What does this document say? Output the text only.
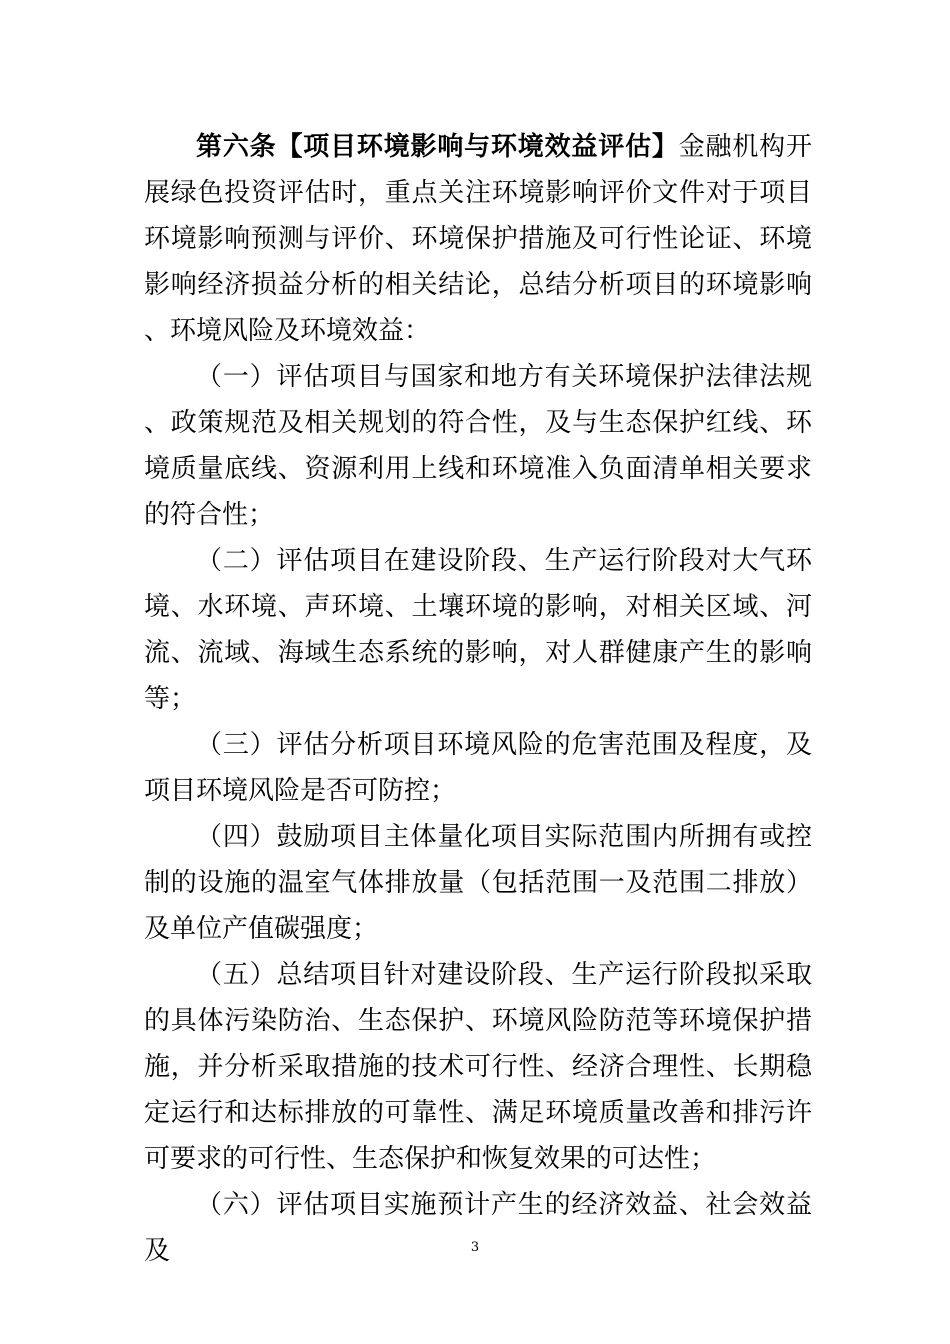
第六条【项目环境影响与环境效益评估】金融机构开展绿色投资评估时，重点关注环境影响评价文件对于项目环境影响预测与评价、环境保护措施及可行性论证、环境影响经济损益分析的相关结论，总结分析项目的环境影响、环境风险及环境效益：

（一）评估项目与国家和地方有关环境保护法律法规、政策规范及相关规划的符合性，及与生态保护红线、环境质量底线、资源利用上线和环境准入负面清单相关要求的符合性；

（二）评估项目在建设阶段、生产运行阶段对大气环境、水环境、声环境、土壤环境的影响，对相关区域、河流、流域、海域生态系统的影响，对人群健康产生的影响等；

（三）评估分析项目环境风险的危害范围及程度，及项目环境风险是否可防控；

（四）鼓励项目主体量化项目实际范围内所拥有或控制的设施的温室气体排放量（包括范围一及范围二排放）及单位产值碳强度；

（五）总结项目针对建设阶段、生产运行阶段拟采取的具体污染防治、生态保护、环境风险防范等环境保护措施，并分析采取措施的技术可行性、经济合理性、长期稳定运行和达标排放的可靠性、满足环境质量改善和排污许可要求的可行性、生态保护和恢复效果的可达性；

（六）评估项目实施预计产生的经济效益、社会效益及	3
